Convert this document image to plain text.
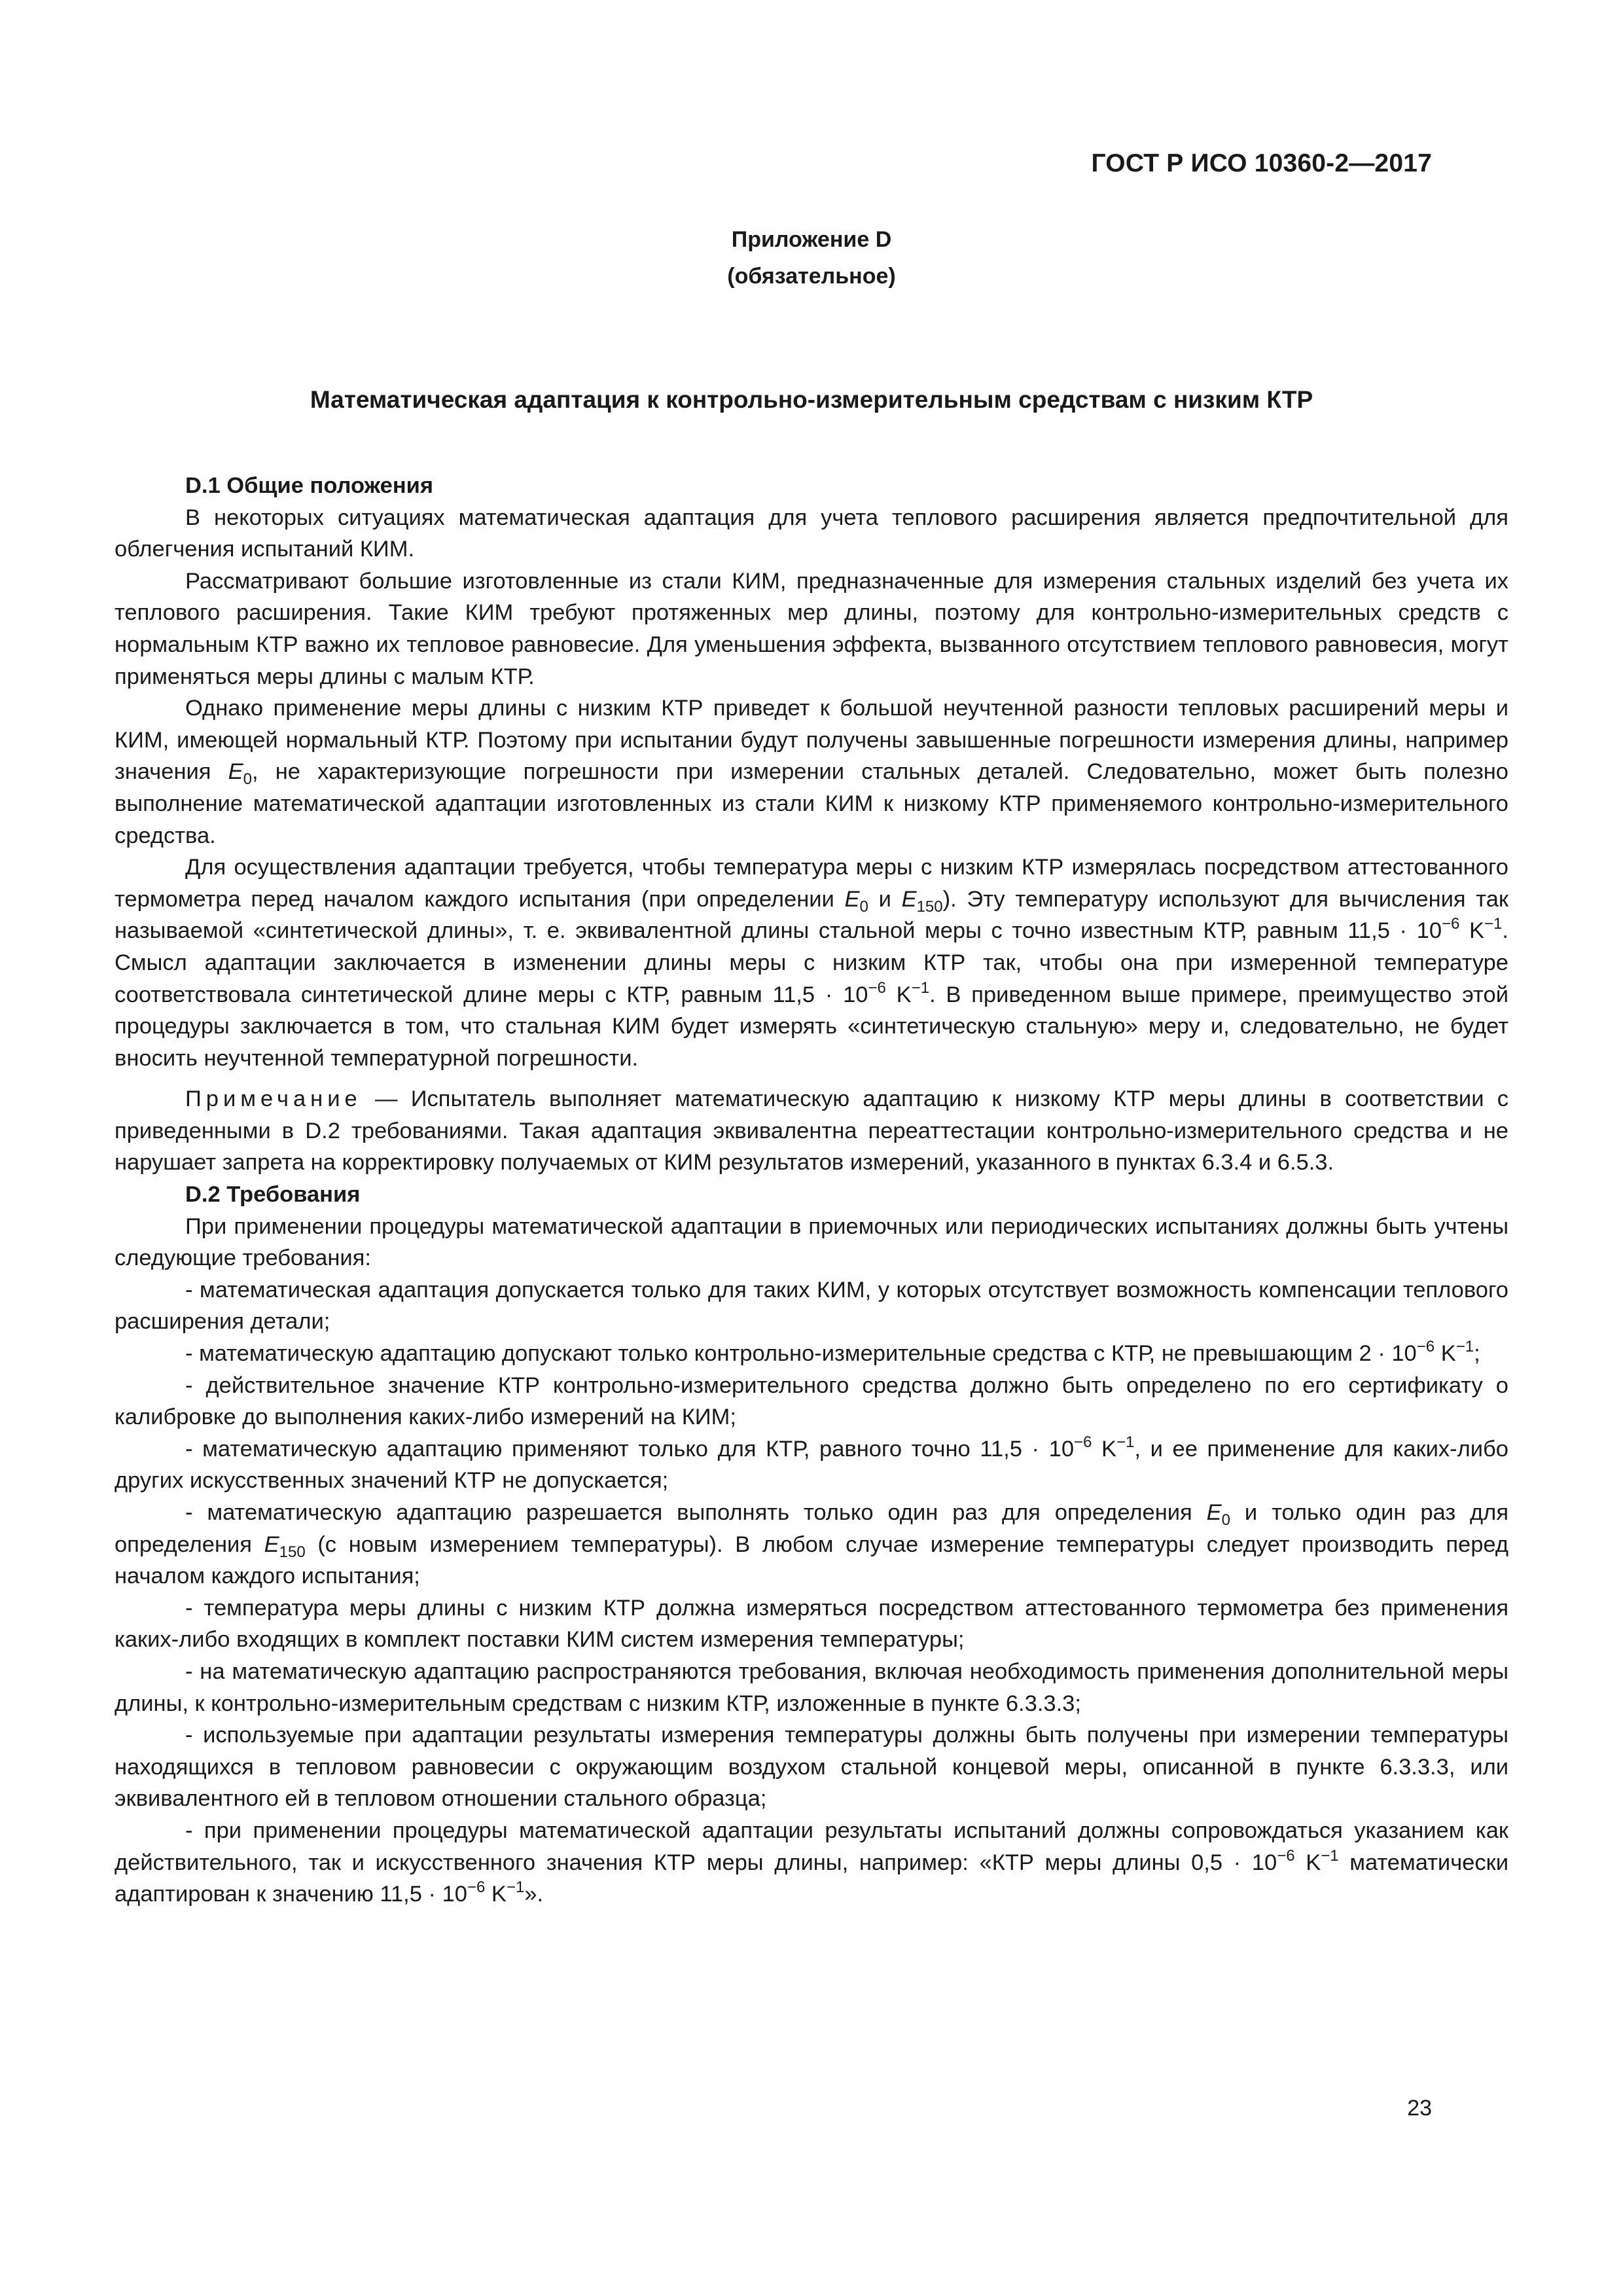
ГОСТ Р ИСО 10360-2—2017
Приложение D
(обязательное)
Математическая адаптация к контрольно-измерительным средствам с низким КТР
D.1 Общие положения

В некоторых ситуациях математическая адаптация для учета теплового расширения является предпочтительной для облегчения испытаний КИМ.

Рассматривают большие изготовленные из стали КИМ, предназначенные для измерения стальных изделий без учета их теплового расширения. Такие КИМ требуют протяженных мер длины, поэтому для контрольно-измерительных средств с нормальным КТР важно их тепловое равновесие. Для уменьшения эффекта, вызванного отсутствием теплового равновесия, могут применяться меры длины с малым КТР.

Однако применение меры длины с низким КТР приведет к большой неучтенной разности тепловых расширений меры и КИМ, имеющей нормальный КТР. Поэтому при испытании будут получены завышенные погрешности измерения длины, например значения $E_0$, не характеризующие погрешности при измерении стальных деталей. Следовательно, может быть полезно выполнение математической адаптации изготовленных из стали КИМ к низкому КТР применяемого контрольно-измерительного средства.

Для осуществления адаптации требуется, чтобы температура меры с низким КТР измерялась посредством аттестованного термометра перед началом каждого испытания (при определении $E_0$ и $E_{150}$). Эту температуру используют для вычисления так называемой «синтетической длины», т. е. эквивалентной длины стальной меры с точно известным КТР, равным $11,5 \cdot 10^{-6}$ $K^{-1}$. Смысл адаптации заключается в изменении длины меры с низким КТР так, чтобы она при измеренной температуре соответствовала синтетической длине меры с КТР, равным $11,5 \cdot 10^{-6}$ $K^{-1}$. В приведенном выше примере, преимущество этой процедуры заключается в том, что стальная КИМ будет измерять «синтетическую стальную» меру и, следовательно, не будет вносить неучтенной температурной погрешности.

Примечание — Испытатель выполняет математическую адаптацию к низкому КТР меры длины в соответствии с приведенными в D.2 требованиями. Такая адаптация эквивалентна переаттестации контрольно-измерительного средства и не нарушает запрета на корректировку получаемых от КИМ результатов измерений, указанного в пунктах 6.3.4 и 6.5.3.

D.2 Требования

При применении процедуры математической адаптации в приемочных или периодических испытаниях должны быть учтены следующие требования:

- математическая адаптация допускается только для таких КИМ, у которых отсутствует возможность компенсации теплового расширения детали;

- математическую адаптацию допускают только контрольно-измерительные средства с КТР, не превышающим $2 \cdot 10^{-6}$ $K^{-1}$;

- действительное значение КТР контрольно-измерительного средства должно быть определено по его сертификату о калибровке до выполнения каких-либо измерений на КИМ;

- математическую адаптацию применяют только для КТР, равного точно $11,5 \cdot 10^{-6}$ $K^{-1}$, и ее применение для каких-либо других искусственных значений КТР не допускается;

- математическую адаптацию разрешается выполнять только один раз для определения $E_0$ и только один раз для определения $E_{150}$ (с новым измерением температуры). В любом случае измерение температуры следует производить перед началом каждого испытания;

- температура меры длины с низким КТР должна измеряться посредством аттестованного термометра без применения каких-либо входящих в комплект поставки КИМ систем измерения температуры;

- на математическую адаптацию распространяются требования, включая необходимость применения дополнительной меры длины, к контрольно-измерительным средствам с низким КТР, изложенные в пункте 6.3.3.3;

- используемые при адаптации результаты измерения температуры должны быть получены при измерении температуры находящихся в тепловом равновесии с окружающим воздухом стальной концевой меры, описанной в пункте 6.3.3.3, или эквивалентного ей в тепловом отношении стального образца;

- при применении процедуры математической адаптации результаты испытаний должны сопровождаться указанием как действительного, так и искусственного значения КТР меры длины, например: «КТР меры длины $0,5 \cdot 10^{-6}$ $K^{-1}$ математически адаптирован к значению $11,5 \cdot 10^{-6}$ $K^{-1}$».

23
